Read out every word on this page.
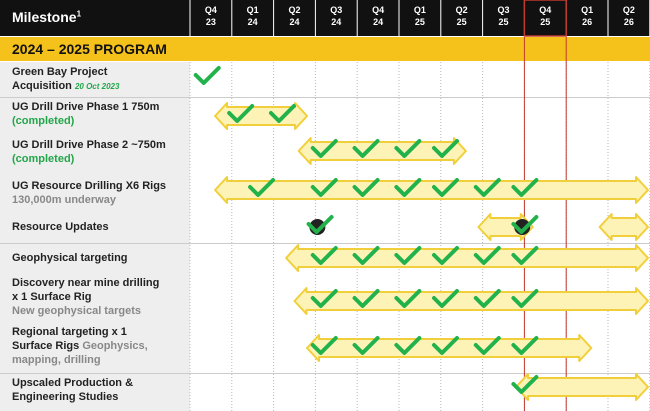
Milestone$^1$	Q4
23
Q1
24
Q2
24
Q3
24
Q4
24
Q1
25
Q2
25
Q3
25
Q4
25
Q1
26
Q2
26
2024 – 2025 PROGRAM
Green Bay Project
Acquisition 20 Oct 2023
UG Drill Drive Phase 1 750m
(completed)
UG Drill Drive Phase 2 ~750m
(completed)
UG Resource Drilling X6 Rigs
130,000m underway
Resource Updates
Geophysical targeting
Discovery near mine drilling
x 1 Surface Rig
New geophysical targets
Regional targeting x 1
Surface Rigs Geophysics,
mapping, drilling
Upscaled Production &
Engineering Studies
